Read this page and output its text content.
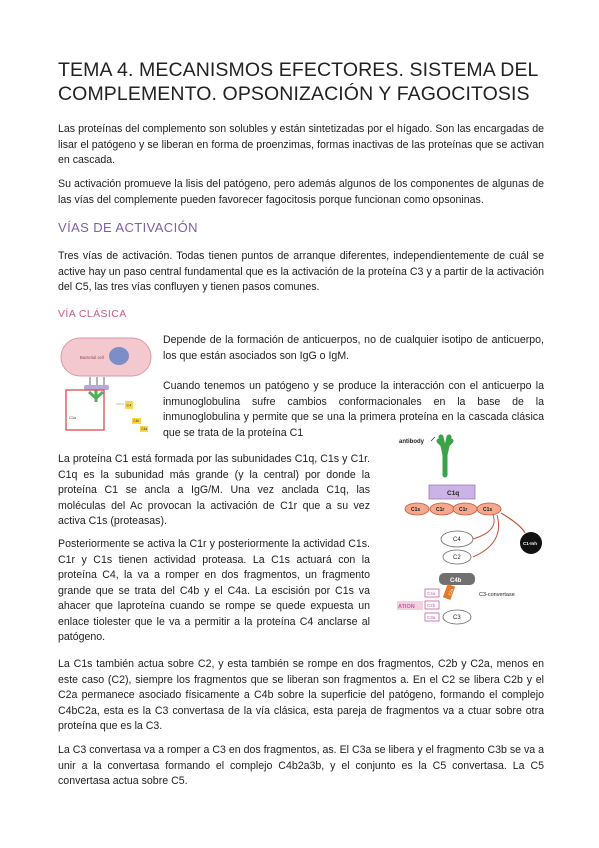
TEMA 4. MECANISMOS EFECTORES. SISTEMA DEL COMPLEMENTO. OPSONIZACIÓN Y FAGOCITOSIS

Las proteínas del complemento son solubles y están sintetizadas por el hígado. Son las encargadas de lisar el patógeno y se liberan en forma de proenzimas, formas inactivas de las proteínas que se activan en cascada.

Su activación promueve la lisis del patógeno, pero además algunos de los componentes de algunas de las vías del complemente pueden favorecer fagocitosis porque funcionan como opsoninas.

VÍAS DE ACTIVACIÓN

Tres vías de activación. Todas tienen puntos de arranque diferentes, independientemente de cuál se active hay un paso central fundamental que es la activación de la proteína C3 y a partir de la activación del C5, las tres vías confluyen y tienen pasos comunes.

VÍA CLÁSICA
Bacterial cell
C1s
C4
C4b
C4a

Depende de la formación de anticuerpos, no de cualquier isotipo de anticuerpo, los que están asociados son IgG o IgM.

Cuando tenemos un patógeno y se produce la interacción con el anticuerpo la inmunoglobulina sufre cambios conformacionales en la base de la inmunoglobulina y permite que se una la primera proteína en la cascada clásica que se trata de la proteína C1

antibody
C1q
C1s	C1r	C1r	C1s
C1-Inh
C4
C2
C4b
C2a	C3-convertase
C3
C4a
C2b
C3a
ATION

La proteína C1 está formada por las subunidades C1q, C1s y C1r. C1q es la subunidad más grande (y la central) por donde la proteína C1 se ancla a IgG/M. Una vez anclada C1q, las moléculas del Ac provocan la activación de C1r que a su vez activa C1s (proteasas).

Posteriormente se activa la C1r y posteriormente la actividad C1s. C1r y C1s tienen actividad proteasa. La C1s actuará con la proteína C4, la va a romper en dos fragmentos, un fragmento grande que se trata del C4b y el C4a. La escisión por C1s va ahacer que laproteína cuando se rompe se quede expuesta un enlace tiolester que le va a permitir a la proteína C4 anclarse al patógeno.

La C1s también actua sobre C2, y esta también se rompe en dos fragmentos, C2b y C2a, menos en este caso (C2), siempre los fragmentos que se liberan son fragmentos a. En el C2 se libera C2b y el C2a permanece asociado físicamente a C4b sobre la superficie del patógeno, formando el complejo C4bC2a, esta es la C3 convertasa de la vía clásica, esta pareja de fragmentos va a ctuar sobre otra proteína que es la C3.

La C3 convertasa va a romper a C3 en dos fragmentos, as. El C3a se libera y el fragmento C3b se va a unir a la convertasa formando el complejo C4b2a3b, y el conjunto es la C5 convertasa. La C5 convertasa actua sobre C5.
